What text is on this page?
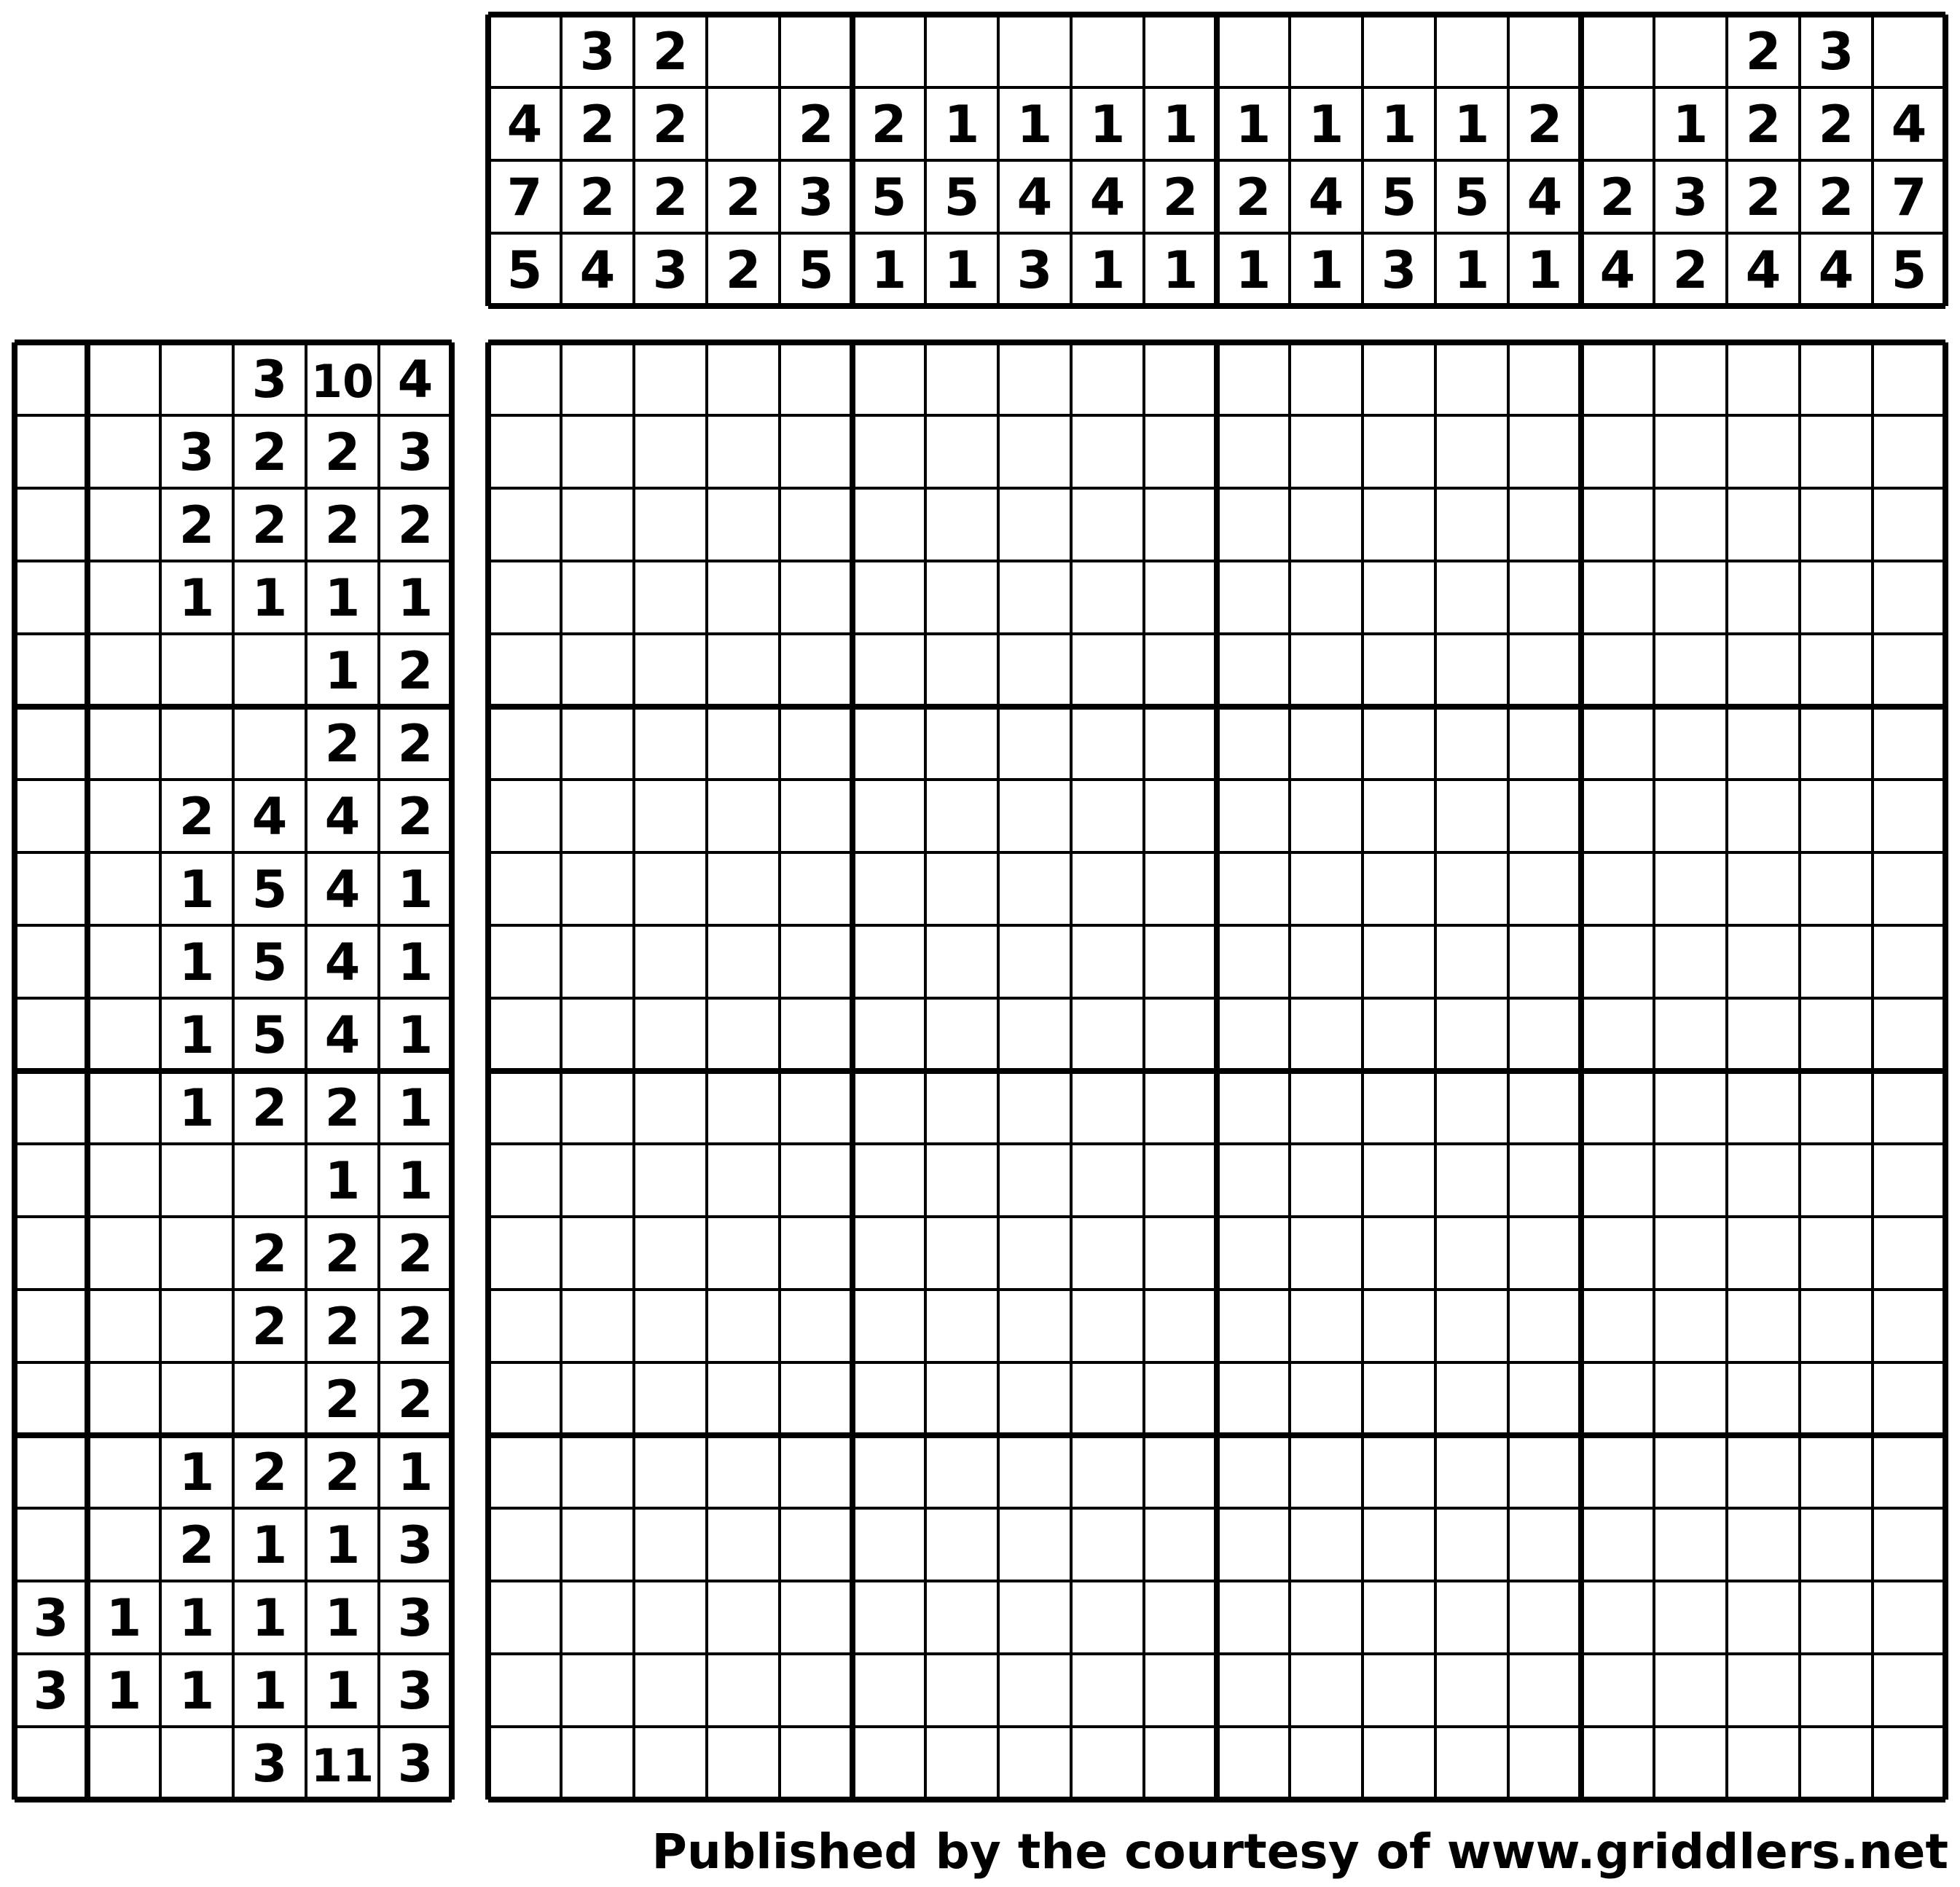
4
7
5
3
2
2
4
2
2
2
3
2
2
2
3
5
2
5
1
1
5
1
1
4
3
1
4
1
1
2
1
1
2
1
1
4
1
1
5
3
1
5
1
2
4
1
2
4
1
3
2
2
2
2
4
3
2
2
4
4
7
5
3 10 4
3 2 2 3
2 2 2 2
1 1 1 1
1 2
2 2
2 4 4 2
1 5 4 1
1 5 4 1
1 5 4 1
1 2 2 1
1 1
2 2 2
2 2 2
2 2
1 2 2 1
2 1 1 3
3 1 1 1 1 3
3 1 1 1 1 3
3 11 3
Published by the courtesy of www.griddlers.net
